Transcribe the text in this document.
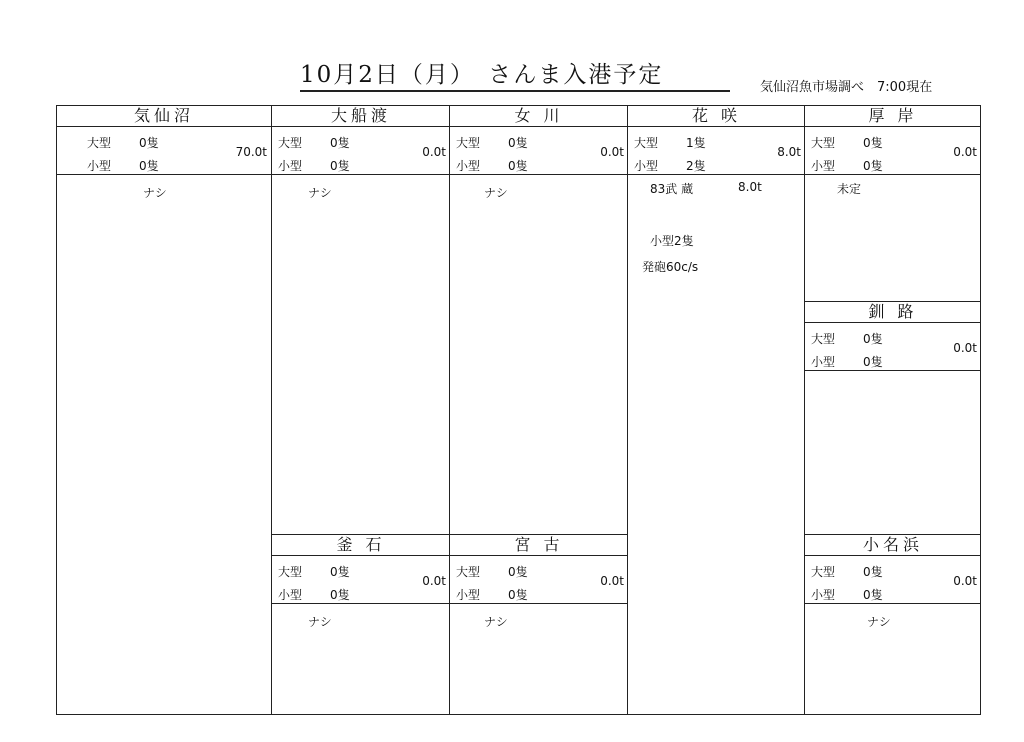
10月2日（月）　さんま入港予定	気仙沼魚市場調べ　7:00現在
気仙沼
大型 0隻
小型 0隻
70.0t
ナシ
大船渡
大型 0隻
小型 0隻
0.0t
ナシ
釜 石
大型 0隻
小型 0隻
0.0t
ナシ
女 川
大型 0隻
小型 0隻
0.0t
ナシ
宮 古
大型 0隻
小型 0隻
0.0t
ナシ
花 咲
大型 1隻
小型 2隻
8.0t
83武 蔵	8.0t
小型2隻
発砲60c/s
厚 岸
大型 0隻
小型 0隻
0.0t
未定
釧 路
大型 0隻
小型 0隻
0.0t
小名浜
大型 0隻
小型 0隻
0.0t
ナシ
